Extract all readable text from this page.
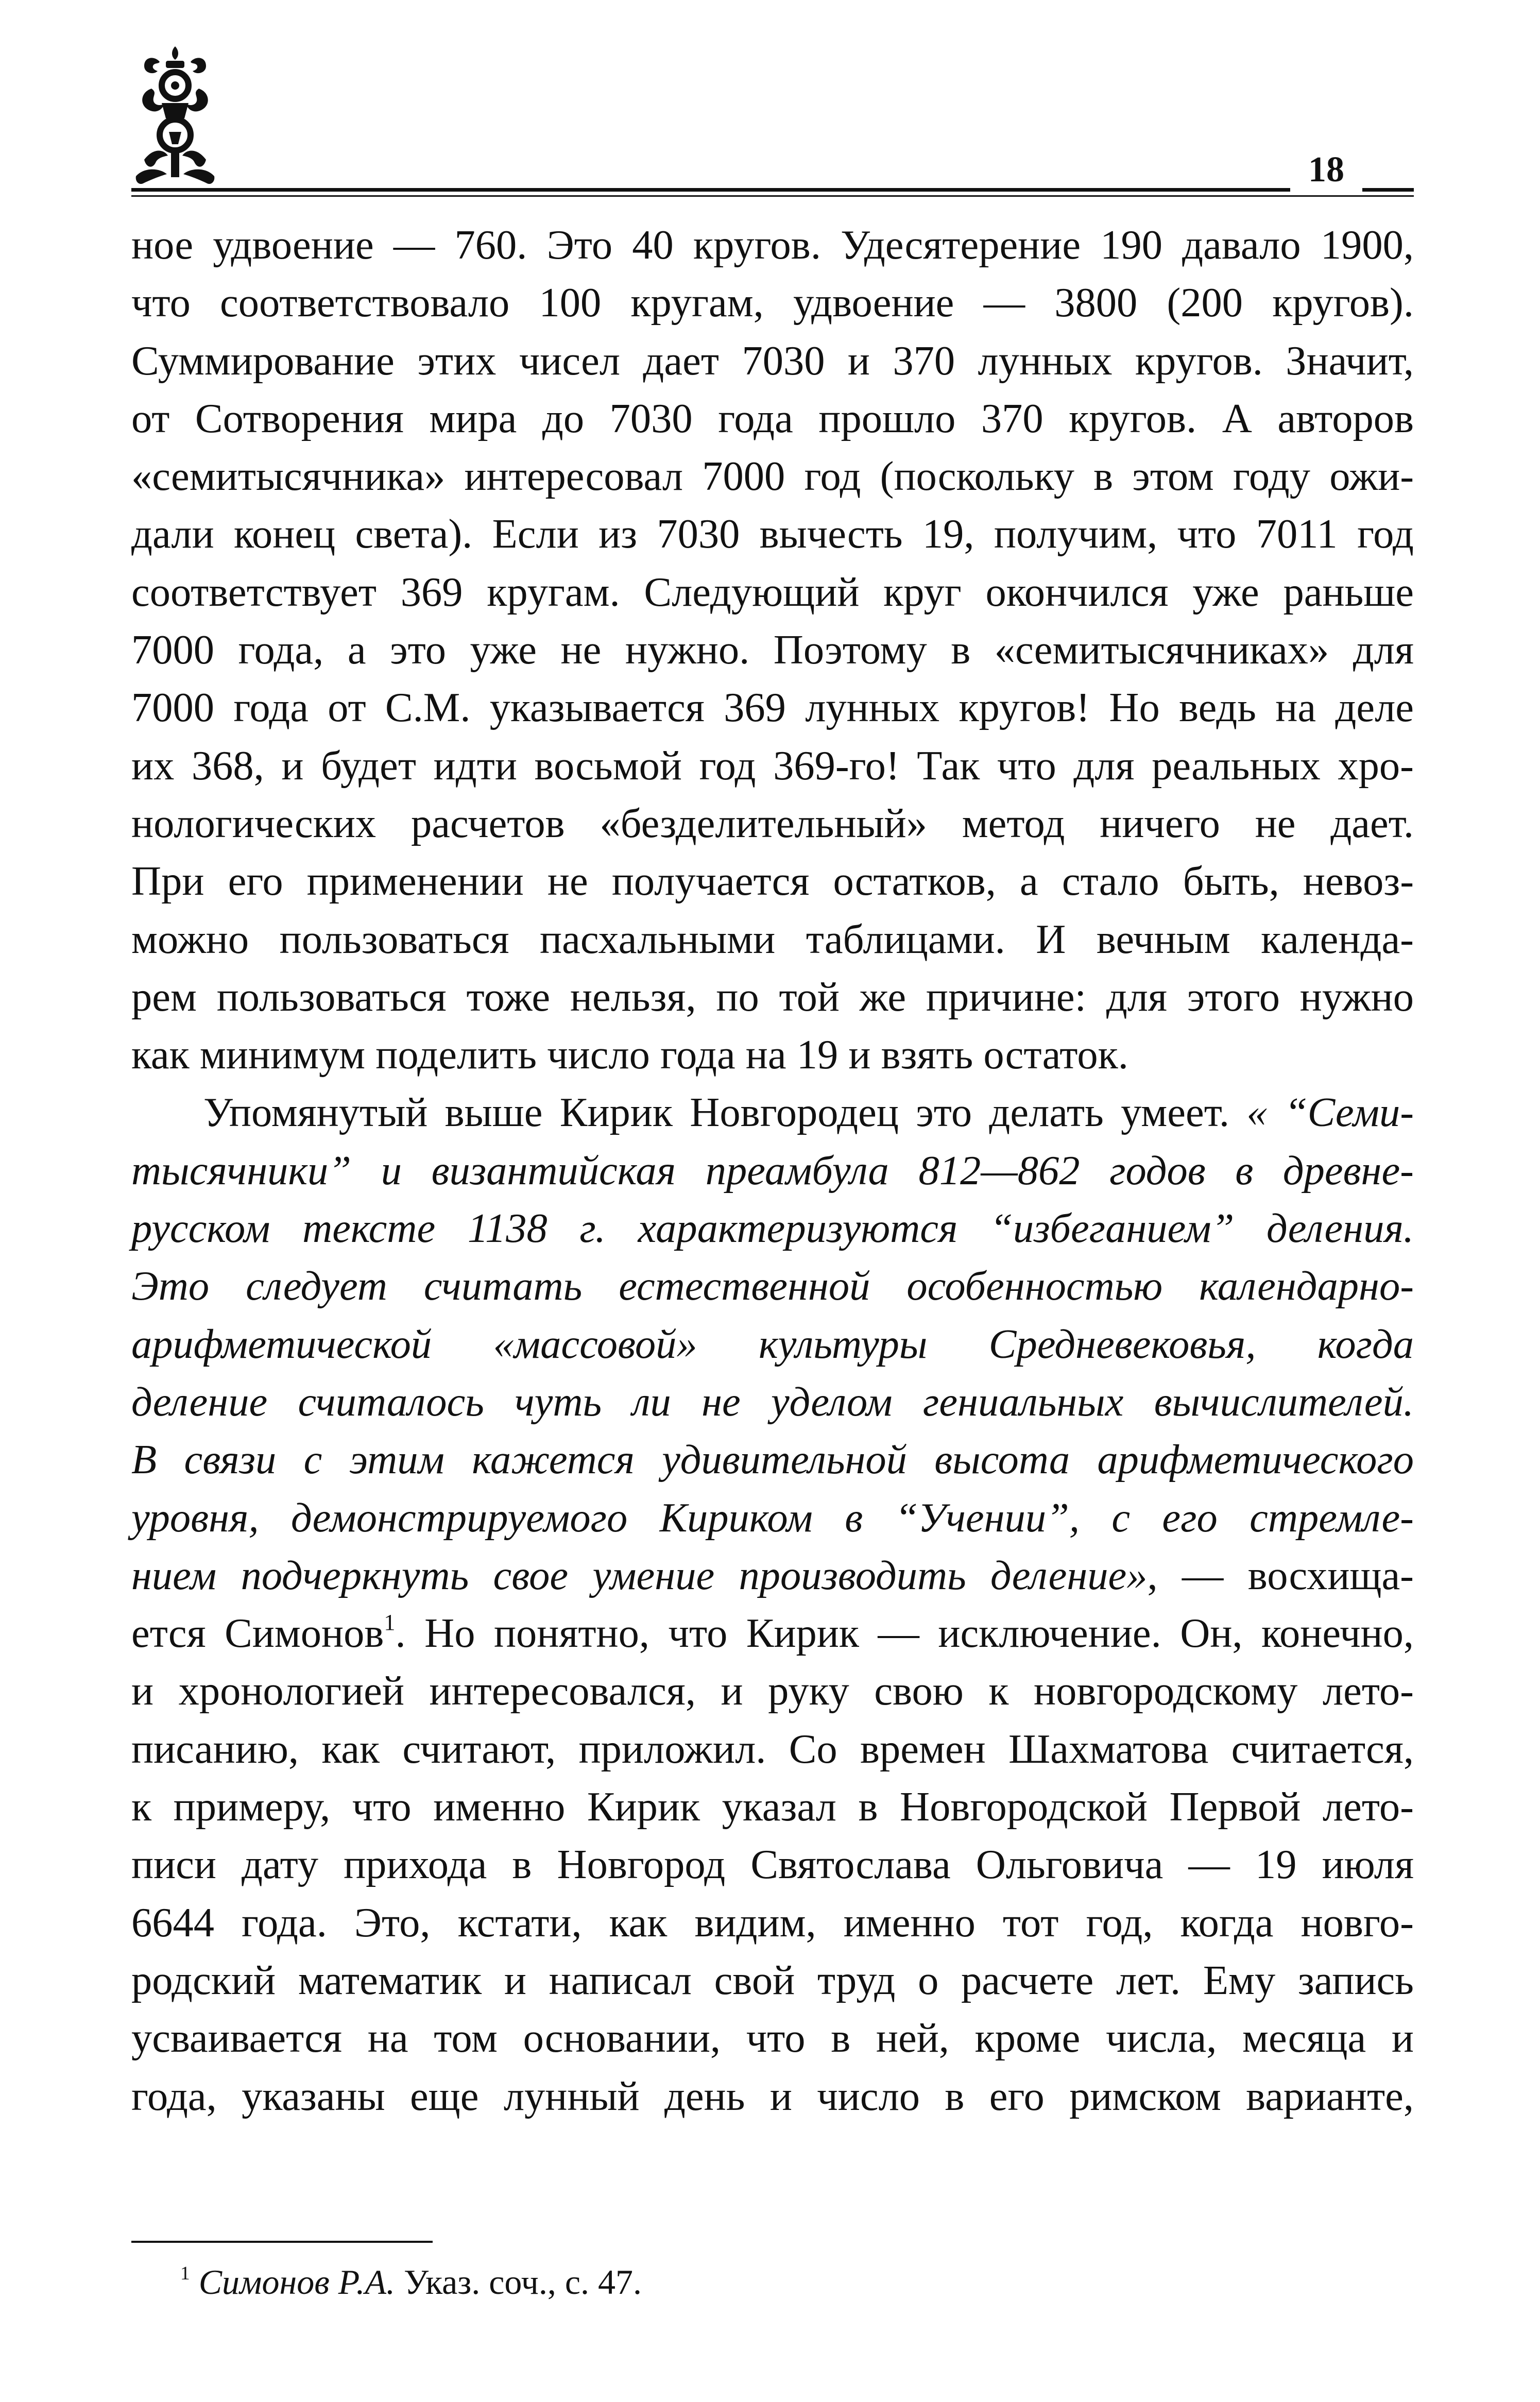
18
ное удвоение — 760. Это 40 кругов. Удесятерение 190 давало 1900,
что соответствовало 100 кругам, удвоение — 3800 (200 кругов).
Суммирование этих чисел дает 7030 и 370 лунных кругов. Значит,
от Сотворения мира до 7030 года прошло 370 кругов. А авторов
«семитысячника» интересовал 7000 год (поскольку в этом году ожи-
дали конец света). Если из 7030 вычесть 19, получим, что 7011 год
соответствует 369 кругам. Следующий круг окончился уже раньше
7000 года, а это уже не нужно. Поэтому в «семитысячниках» для
7000 года от С.М. указывается 369 лунных кругов! Но ведь на деле
их 368, и будет идти восьмой год 369-го! Так что для реальных хро-
нологических расчетов «безделительный» метод ничего не дает.
При его применении не получается остатков, а стало быть, невоз-
можно пользоваться пасхальными таблицами. И вечным календа-
рем пользоваться тоже нельзя, по той же причине: для этого нужно
как минимум поделить число года на 19 и взять остаток.
Упомянутый выше Кирик Новгородец это делать умеет. « “Семи-
тысячники” и византийская преамбула 812—862 годов в древне-
русском тексте 1138 г. характеризуются “избеганием” деления.
Это следует считать естественной особенностью календарно-
арифметической «массовой» культуры Средневековья, когда
деление считалось чуть ли не уделом гениальных вычислителей.
В связи с этим кажется удивительной высота арифметического
уровня, демонстрируемого Кириком в “Учении”, с его стремле-
нием подчеркнуть свое умение производить деление», — восхища-
ется Симонов$^1$. Но понятно, что Кирик — исключение. Он, конечно,
и хронологией интересовался, и руку свою к новгородскому лето-
писанию, как считают, приложил. Со времен Шахматова считается,
к примеру, что именно Кирик указал в Новгородской Первой лето-
писи дату прихода в Новгород Святослава Ольговича — 19 июля
6644 года. Это, кстати, как видим, именно тот год, когда новго-
родский математик и написал свой труд о расчете лет. Ему запись
усваивается на том основании, что в ней, кроме числа, месяца и
года, указаны еще лунный день и число в его римском варианте,
$^1$ Симонов Р.А. Указ. соч., с. 47.
